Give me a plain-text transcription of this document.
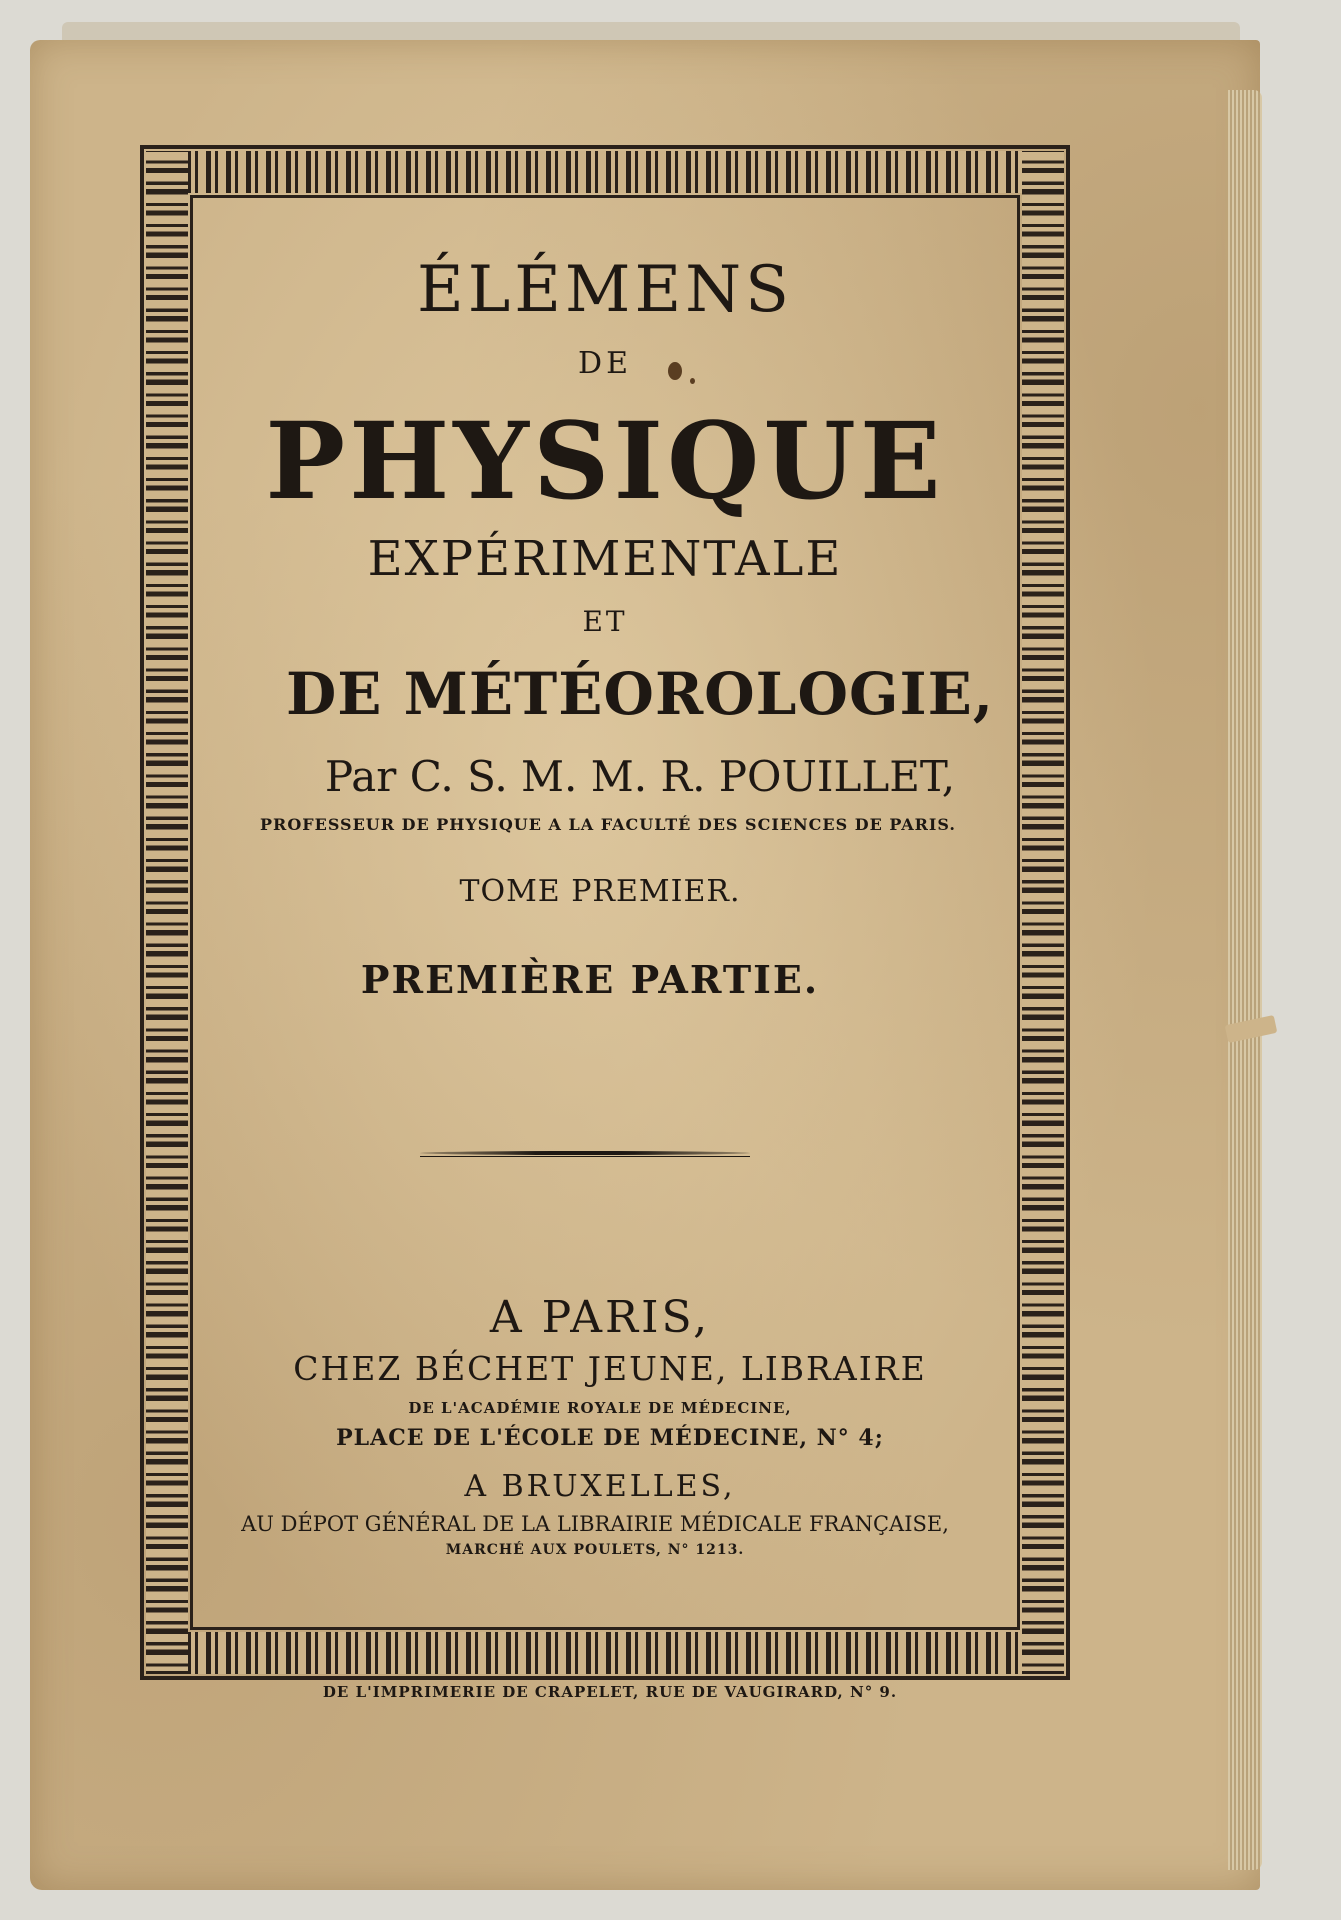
ÉLÉMENS

DE

PHYSIQUE

EXPÉRIMENTALE

ET

DE MÉTÉOROLOGIE,

Par C. S. M. M. R. POUILLET,

PROFESSEUR DE PHYSIQUE A LA FACULTÉ DES SCIENCES DE PARIS.

TOME PREMIER.

PREMIÈRE PARTIE.

A PARIS,

CHEZ BÉCHET JEUNE, LIBRAIRE

DE L'ACADÉMIE ROYALE DE MÉDECINE,

PLACE DE L'ÉCOLE DE MÉDECINE, N° 4;

A BRUXELLES,

AU DÉPOT GÉNÉRAL DE LA LIBRAIRIE MÉDICALE FRANÇAISE,

MARCHÉ AUX POULETS, N° 1213.

DE L'IMPRIMERIE DE CRAPELET, RUE DE VAUGIRARD, N° 9.
